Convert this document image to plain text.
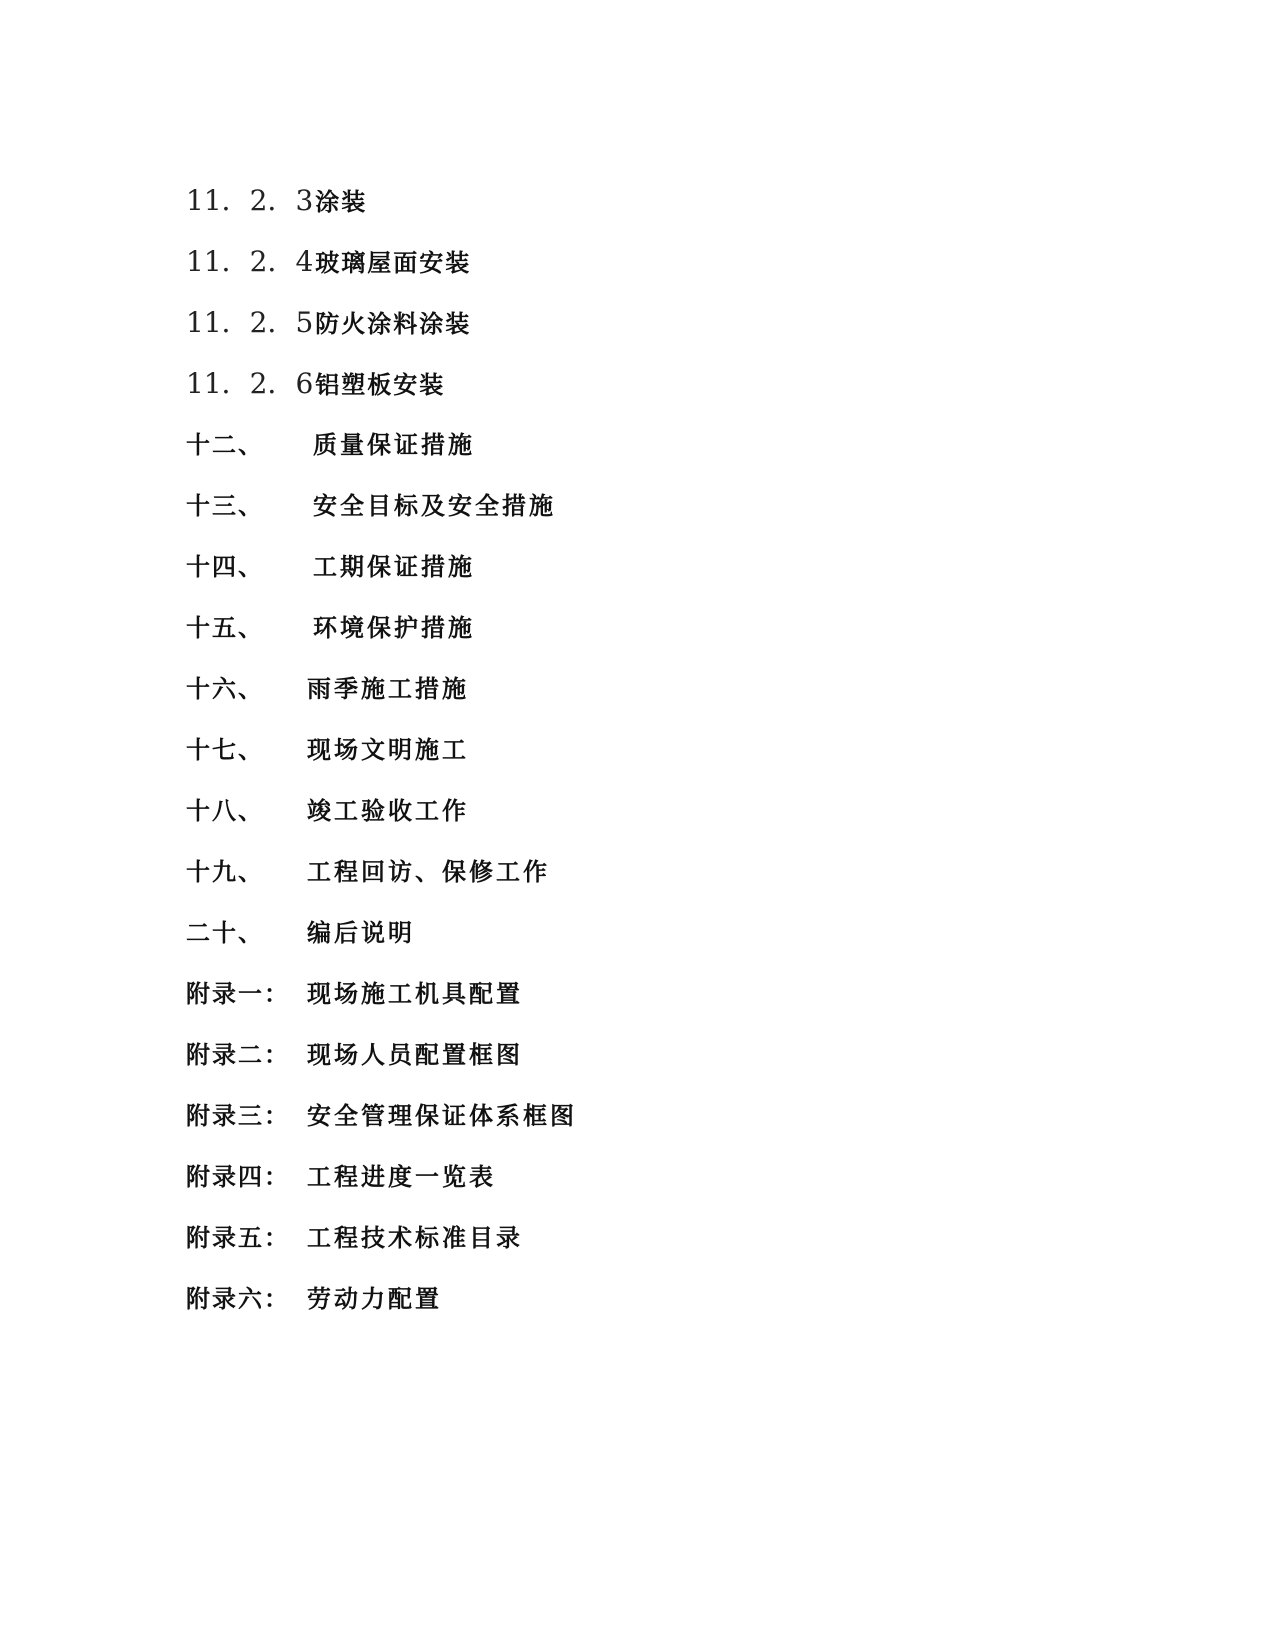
11．2．3涂装
11．2．4玻璃屋面安装
11．2．5防火涂料涂装
11．2．6铝塑板安装
十二、 质量保证措施
十三、 安全目标及安全措施
十四、 工期保证措施
十五、 环境保护措施
十六、 雨季施工措施
十七、 现场文明施工
十八、 竣工验收工作
十九、 工程回访、保修工作
二十、 编后说明
附录一： 现场施工机具配置
附录二： 现场人员配置框图
附录三： 安全管理保证体系框图
附录四： 工程进度一览表
附录五： 工程技术标准目录
附录六： 劳动力配置
